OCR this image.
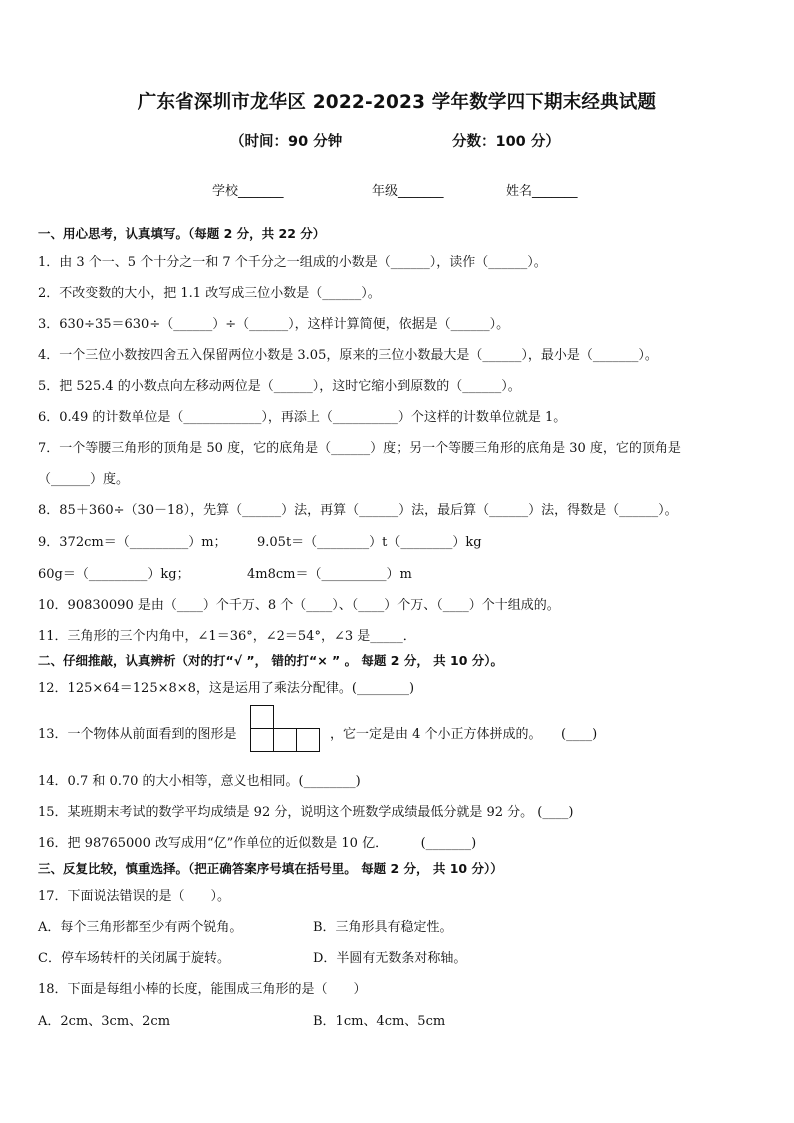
广东省深圳市龙华区 2022-2023 学年数学四下期末经典试题
（时间：90 分钟	分数：100 分）
学校_______	年级_______	姓名_______
一、用心思考，认真填写。（每题 2 分，共 22 分）
1．由 3 个一、5 个十分之一和 7 个千分之一组成的小数是（______），读作（______）。
2．不改变数的大小，把 1.1 改写成三位小数是（______）。
3．630÷35＝630÷（______）÷（______），这样计算简便，依据是（______）。
4．一个三位小数按四舍五入保留两位小数是 3.05，原来的三位小数最大是（______），最小是（_______）。
5．把 525.4 的小数点向左移动两位是（______），这时它缩小到原数的（______）。
6．0.49 的计数单位是（____________），再添上（__________）个这样的计数单位就是 1。
7．一个等腰三角形的顶角是 50 度，它的底角是（______）度；另一个等腰三角形的底角是 30 度，它的顶角是
（______）度。
8．85＋360÷（30－18），先算（______）法，再算（______）法，最后算（______）法，得数是（______）。
9．372cm＝（_________）m； 9.05t＝（________）t（________）kg
60g＝（_________）kg；	4m8cm＝（__________）m
10．90830090 是由（____）个千万、8 个（____）、（____）个万、（____）个十组成的。
11．三角形的三个内角中，∠1＝36°，∠2＝54°，∠3 是_____．
二、仔细推敲，认真辨析（对的打“√ ”， 错的打“× ” 。 每题 2 分， 共 10 分）。
12．125×64＝125×8×8，这是运用了乘法分配律。(________)
13．一个物体从前面看到的图形是	，它一定是由 4 个小正方体拼成的。　　(____)
14．0.7 和 0.70 的大小相等，意义也相同。(________)
15．某班期末考试的数学平均成绩是 92 分，说明这个班数学成绩最低分就是 92 分。 (____)
16．把 98765000 改写成用“亿”作单位的近似数是 10 亿．　　　(_______)
三、反复比较，慎重选择。（把正确答案序号填在括号里。 每题 2 分， 共 10 分））
17．下面说法错误的是（　　）。
A．每个三角形都至少有两个锐角。	B．三角形具有稳定性。
C．停车场转杆的关闭属于旋转。	D．半圆有无数条对称轴。
18．下面是每组小棒的长度，能围成三角形的是（　　）
A．2cm、3cm、2cm	B．1cm、4cm、5cm
